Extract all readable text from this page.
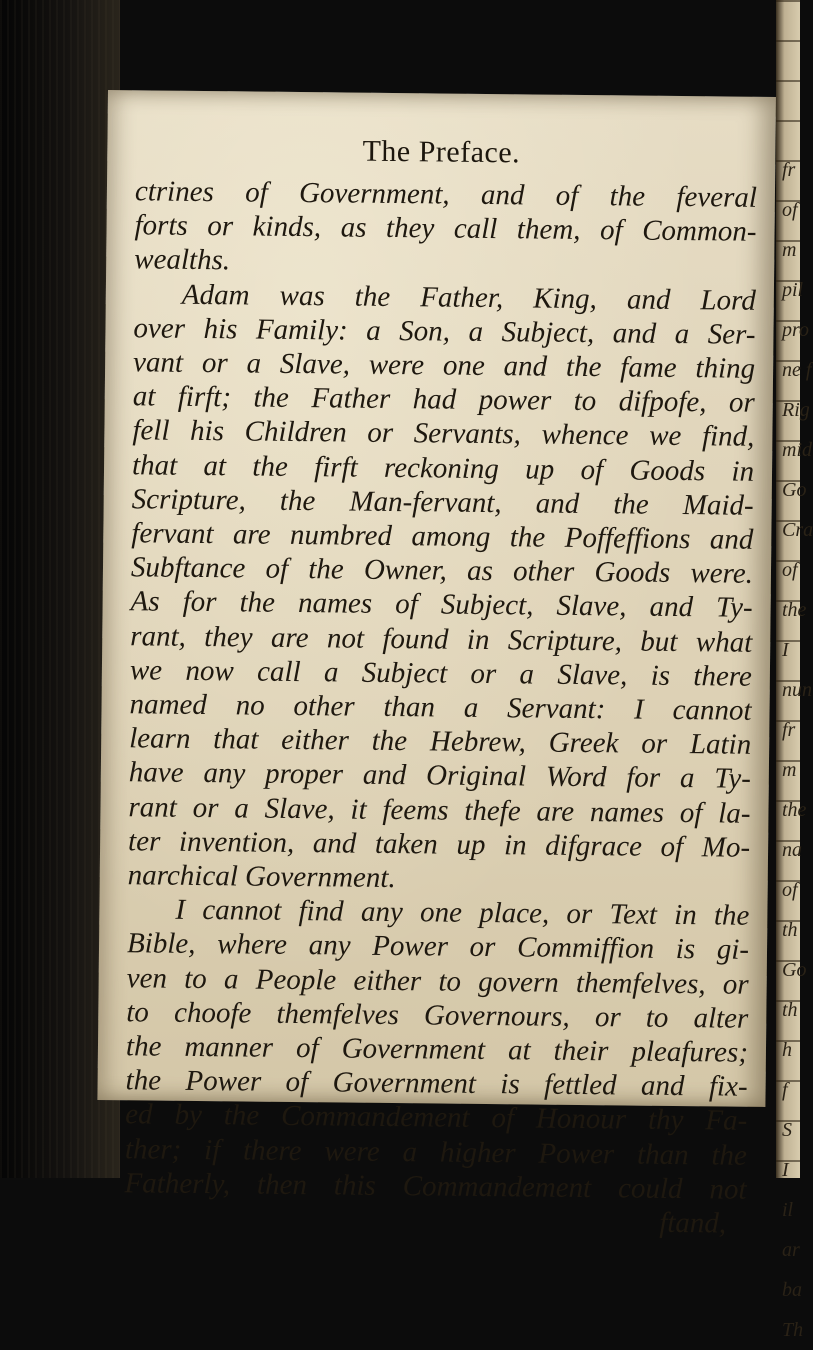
The Preface.
ctrines of Government, and of the feveral
forts or kinds, as they call them, of Common-
wealths.
Adam was the Father, King, and Lord
over his Family: a Son, a Subject, and a Ser-
vant or a Slave, were one and the fame thing
at firft; the Father had power to difpofe, or
fell his Children or Servants, whence we find,
that at the firft reckoning up of Goods in
Scripture, the Man-fervant, and the Maid-
fervant are numbred among the Poffeffions and
Subftance of the Owner, as other Goods were.
As for the names of Subject, Slave, and Ty-
rant, they are not found in Scripture, but what
we now call a Subject or a Slave, is there
named no other than a Servant: I cannot
learn that either the Hebrew, Greek or Latin
have any proper and Original Word for a Ty-
rant or a Slave, it feems thefe are names of la-
ter invention, and taken up in difgrace of Mo-
narchical Government.
I cannot find any one place, or Text in the
Bible, where any Power or Commiffion is gi-
ven to a People either to govern themfelves, or
to choofe themfelves Governours, or to alter
the manner of Government at their pleafures;
the Power of Government is fettled and fix-
ed by the Commandement of Honour thy Fa-
ther; if there were a higher Power than the
Fatherly, then this Commandement could not
ftand,
fr
of
m
pil
pro
ne f
Rig
mid
Go
Cra
of
the
I
nun
fr
m
the
na
of
th
Go
th
h
f
S
I
il
ar
ba
Th
